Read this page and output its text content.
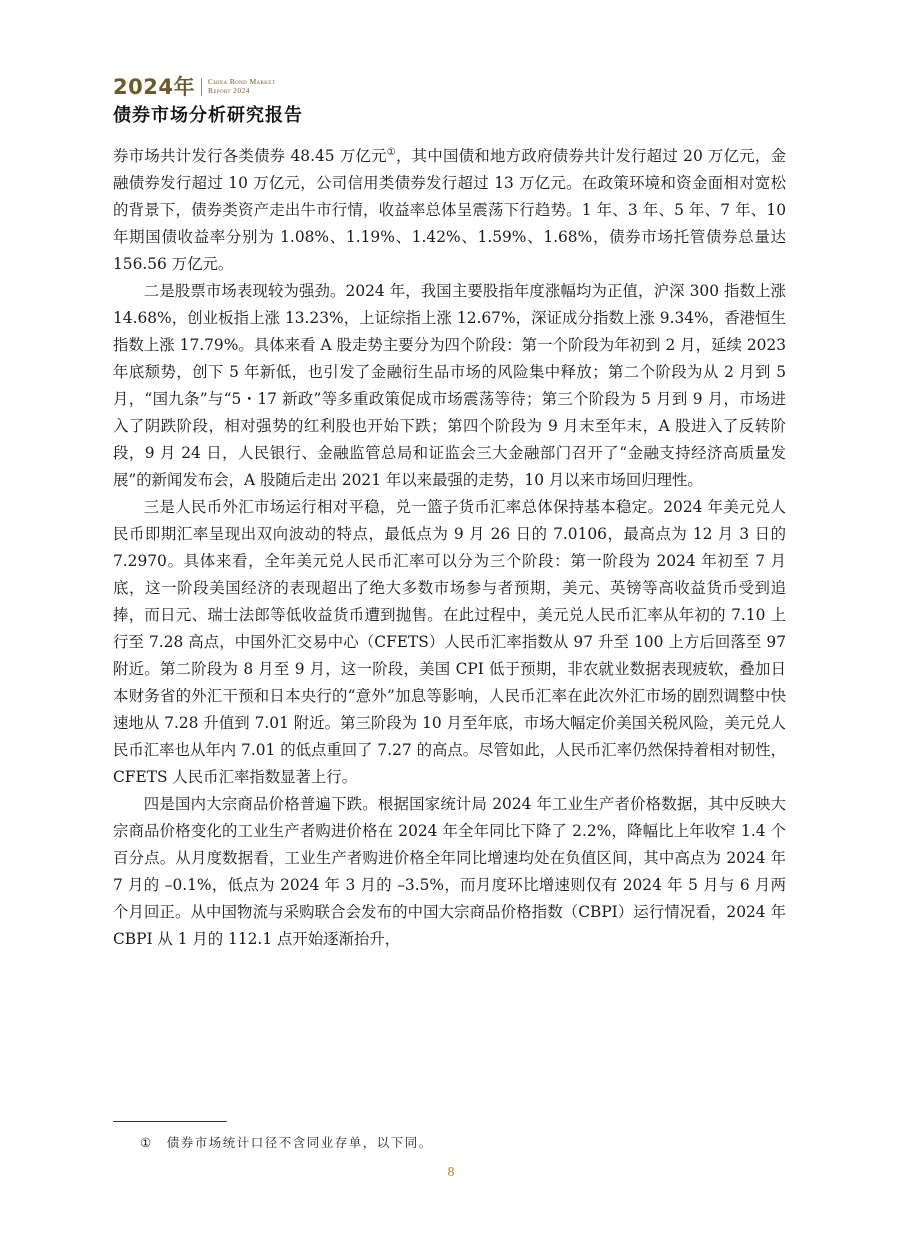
2024年 China Bond Market
Report 2024
债券市场分析研究报告

券市场共计发行各类债券 48.45 万亿元①，其中国债和地方政府债券共计发行超过 20 万亿元，金融债券发行超过 10 万亿元，公司信用类债券发行超过 13 万亿元。在政策环境和资金面相对宽松的背景下，债券类资产走出牛市行情，收益率总体呈震荡下行趋势。1 年、3 年、5 年、7 年、10 年期国债收益率分别为 1.08%、1.19%、1.42%、1.59%、1.68%，债券市场托管债券总量达 156.56 万亿元。

二是股票市场表现较为强劲。2024 年，我国主要股指年度涨幅均为正值，沪深 300 指数上涨 14.68%，创业板指上涨 13.23%，上证综指上涨 12.67%，深证成分指数上涨 9.34%，香港恒生指数上涨 17.79%。具体来看 A 股走势主要分为四个阶段：第一个阶段为年初到 2 月，延续 2023 年底颓势，创下 5 年新低，也引发了金融衍生品市场的风险集中释放；第二个阶段为从 2 月到 5 月，“国九条”与“5・17 新政”等多重政策促成市场震荡等待；第三个阶段为 5 月到 9 月，市场进入了阴跌阶段，相对强势的红利股也开始下跌；第四个阶段为 9 月末至年末，A 股进入了反转阶段，9 月 24 日，人民银行、金融监管总局和证监会三大金融部门召开了“金融支持经济高质量发展”的新闻发布会，A 股随后走出 2021 年以来最强的走势，10 月以来市场回归理性。

三是人民币外汇市场运行相对平稳，兑一篮子货币汇率总体保持基本稳定。2024 年美元兑人民币即期汇率呈现出双向波动的特点，最低点为 9 月 26 日的 7.0106，最高点为 12 月 3 日的 7.2970。具体来看，全年美元兑人民币汇率可以分为三个阶段：第一阶段为 2024 年初至 7 月底，这一阶段美国经济的表现超出了绝大多数市场参与者预期，美元、英镑等高收益货币受到追捧，而日元、瑞士法郎等低收益货币遭到抛售。在此过程中，美元兑人民币汇率从年初的 7.10 上行至 7.28 高点，中国外汇交易中心（CFETS）人民币汇率指数从 97 升至 100 上方后回落至 97 附近。第二阶段为 8 月至 9 月，这一阶段，美国 CPI 低于预期，非农就业数据表现疲软，叠加日本财务省的外汇干预和日本央行的“意外”加息等影响，人民币汇率在此次外汇市场的剧烈调整中快速地从 7.28 升值到 7.01 附近。第三阶段为 10 月至年底，市场大幅定价美国关税风险，美元兑人民币汇率也从年内 7.01 的低点重回了 7.27 的高点。尽管如此，人民币汇率仍然保持着相对韧性，CFETS 人民币汇率指数显著上行。

四是国内大宗商品价格普遍下跌。根据国家统计局 2024 年工业生产者价格数据，其中反映大宗商品价格变化的工业生产者购进价格在 2024 年全年同比下降了 2.2%，降幅比上年收窄 1.4 个百分点。从月度数据看，工业生产者购进价格全年同比增速均处在负值区间，其中高点为 2024 年 7 月的 –0.1%，低点为 2024 年 3 月的 –3.5%，而月度环比增速则仅有 2024 年 5 月与 6 月两个月回正。从中国物流与采购联合会发布的中国大宗商品价格指数（CBPI）运行情况看，2024 年 CBPI 从 1 月的 112.1 点开始逐渐抬升，

① 债券市场统计口径不含同业存单，以下同。
8
